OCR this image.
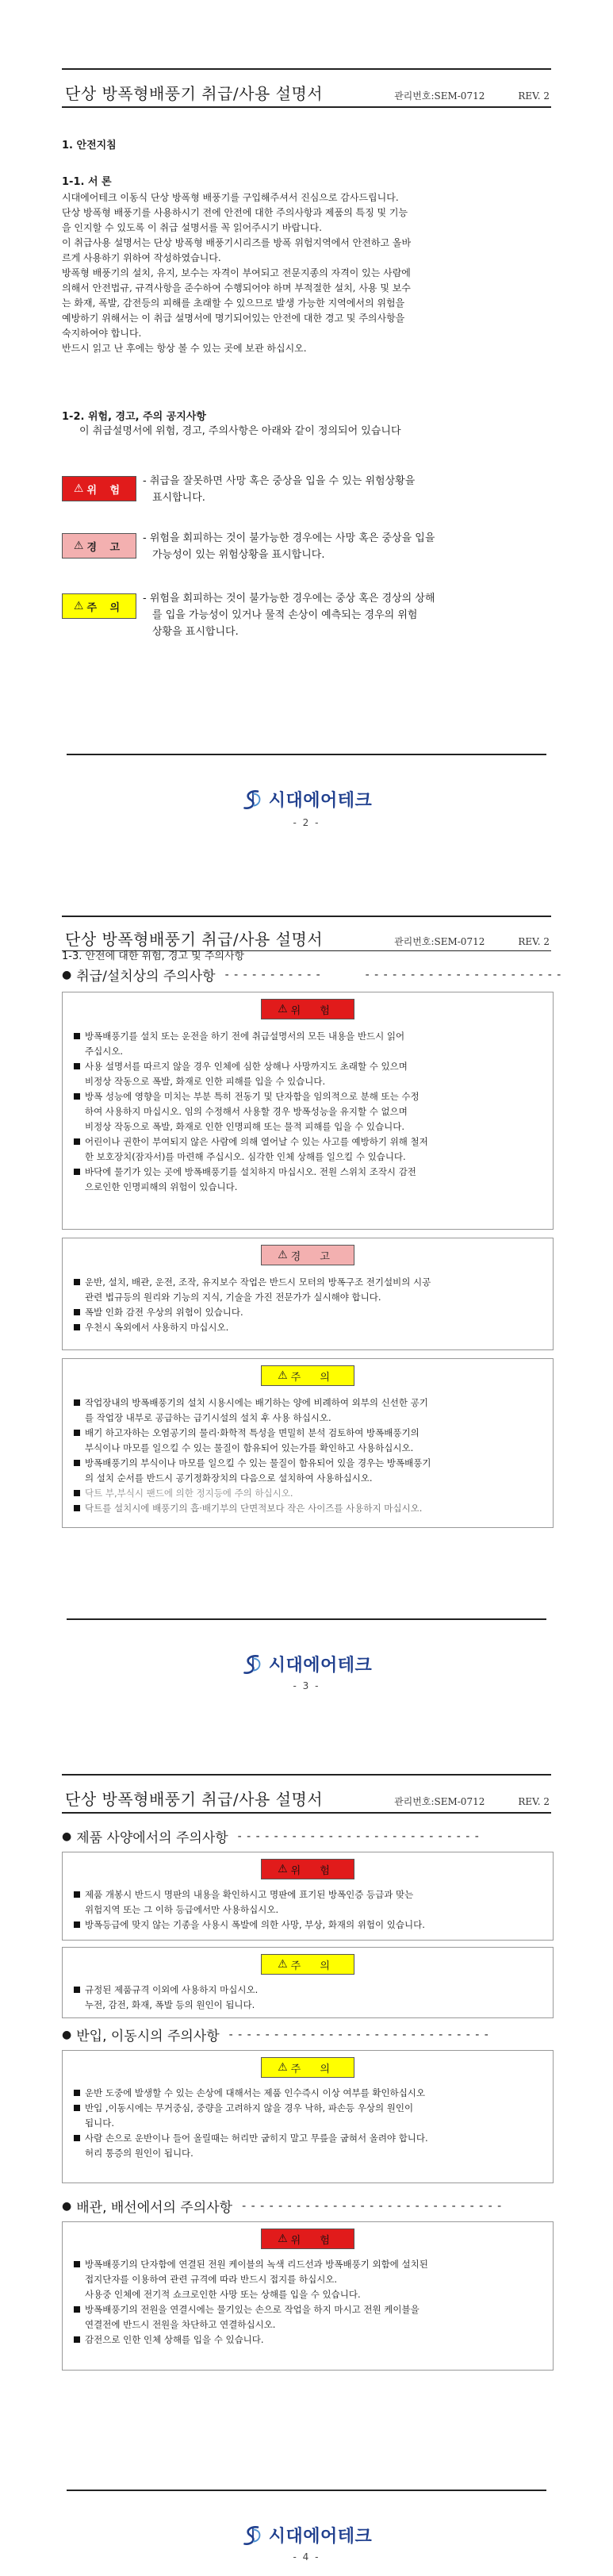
단상 방폭형배풍기 취급/사용 설명서	관리번호:SEM-0712	REV. 2
1. 안전지침
1-1. 서 론
시대에어테크 이동식 단상 방폭형 배풍기를 구입해주셔서 진심으로 감사드립니다.
단상 방폭형 배풍기를 사용하시기 전에 안전에 대한 주의사항과 제품의 특징 및 기능
을 인지할 수 있도록 이 취급 설명서를 꼭 읽어주시기 바랍니다.
이 취급사용 설명서는 단상 방폭형 배풍기시리즈를 방폭 위험지역에서 안전하고 올바
르게 사용하기 위하여 작성하였습니다.
방폭형 배풍기의 설치, 유지, 보수는 자격이 부여되고 전문지종의 자격이 있는 사람에
의해서 안전법규, 규격사항을 준수하여 수행되어야 하며 부적절한 설치, 사용 및 보수
는 화재, 폭발, 감전등의 피해를 초래할 수 있으므로 발생 가능한 지역에서의 위험을
예방하기 위해서는 이 취급 설명서에 명기되어있는 안전에 대한 경고 및 주의사항을
숙지하여야 합니다.
반드시 읽고 난 후에는 항상 볼 수 있는 곳에 보관 하십시오.
1-2. 위험, 경고, 주의 공지사항
이 취급설명서에 위험, 경고, 주의사항은 아래와 같이 정의되어 있습니다
⚠ 위 험
- 취급을 잘못하면 사망 혹은 중상을 입을 수 있는 위험상황을
표시합니다.
⚠ 경 고
- 위험을 회피하는 것이 불가능한 경우에는 사망 혹은 중상을 입을
가능성이 있는 위험상황을 표시합니다.
⚠ 주 의
- 위험을 회피하는 것이 불가능한 경우에는 중상 혹은 경상의 상해
를 입을 가능성이 있거나 물적 손상이 예측되는 경우의 위험
상황을 표시합니다.
시대에어테크
- 2 -
단상 방폭형배풍기 취급/사용 설명서	관리번호:SEM-0712	REV. 2
1-3. 안전에 대한 위험, 경고 및 주의사항
● 취급/설치상의 주의사항 - - - - - - - - - - -	- - - - - - - - - - - - - - - - - - - - - -
⚠ 위 험
방폭배풍기를 설치 또는 운전을 하기 전에 취급설명서의 모든 내용을 반드시 읽어
주십시오.
사용 설명서를 따르지 않을 경우 인체에 심한 상해나 사망까지도 초래할 수 있으며
비정상 작동으로 폭발, 화재로 인한 피해를 입을 수 있습니다.
방폭 성능에 영향을 미치는 부분 특히 전동기 및 단자함을 임의적으로 분해 또는 수정
하여 사용하지 마십시오. 임의 수정해서 사용할 경우 방폭성능을 유지할 수 없으며
비정상 작동으로 폭발, 화재로 인한 인명피해 또는 물적 피해를 입을 수 있습니다.
어린이나 권한이 부여되지 않은 사람에 의해 열어날 수 있는 사고를 예방하기 위해 철저
한 보호장치(잠자서)를 마련해 주십시오. 심각한 인체 상해를 일으킬 수 있습니다.
바닥에 물기가 있는 곳에 방폭배풍기를 설치하지 마십시오. 전원 스위치 조작시 감전
으로인한 인명피해의 위험이 있습니다.
⚠ 경 고
운반, 설치, 배관, 운전, 조작, 유지보수 작업은 반드시 모터의 방폭구조 전기설비의 시공
관련 법규등의 원리와 기능의 지식, 기술을 가진 전문가가 실시해야 합니다.
폭발 인화 감전 우상의 위험이 있습니다.
우천시 옥외에서 사용하지 마십시오.
⚠ 주 의
작업장내의 방폭배풍기의 설치 시용시에는 배기하는 양에 비례하여 외부의 신선한 공기
를 작업장 내부로 공급하는 급기시설의 설치 후 사용 하십시오.
배기 하고자하는 오염공기의 물리·화학적 특성을 면밀히 분석 검토하여 방폭배풍기의
부식이나 마모를 일으킬 수 있는 물질이 함유되어 있는가를 확인하고 사용하십시오.
방폭배풍기의 부식이나 마모를 일으킬 수 있는 물질이 함유되어 있을 경우는 방폭배풍기
의 설치 순서를 반드시 공기정화장치의 다음으로 설치하여 사용하십시오.
닥트 부,부식시 팬드에 의한 정지등에 주의 하십시오.
닥트를 설치시에 배풍기의 흡·배기부의 단면적보다 작은 사이즈를 사용하지 마십시오.
시대에어테크
- 3 -
단상 방폭형배풍기 취급/사용 설명서	관리번호:SEM-0712	REV. 2
● 제품 사양에서의 주의사항 - - - - - - - - - - - - - - - - - - - - - - - - - - -
⚠ 위 험
제품 개봉시 반드시 명판의 내용을 확인하시고 명판에 표기된 방폭인증 등급과 맞는
위험지역 또는 그 이하 등급에서만 사용하십시오.
방폭등급에 맞지 않는 기종을 사용시 폭발에 의한 사망, 부상, 화재의 위험이 있습니다.
⚠ 주 의
규정된 제품규격 이외에 사용하지 마십시오.
누전, 감전, 화재, 폭발 등의 원인이 됩니다.
● 반입, 이동시의 주의사항 - - - - - - - - - - - - - - - - - - - - - - - - - - - - -
⚠ 주 의
운반 도중에 발생할 수 있는 손상에 대해서는 제품 인수즉시 이상 여부를 확인하십시오
반입 ,이동시에는 무거중심, 중량을 고려하지 않을 경우 낙하, 파손등 우상의 원인이
됩니다.
사람 손으로 운반이나 들어 올릴때는 허리만 굽히지 말고 무릎을 굽혀서 올려야 합니다.
허리 통증의 원인이 됩니다.
● 배관, 배선에서의 주의사항 - - - - - - - - - - - - - - - - - - - - - - - - - - - - -
⚠ 위 험
방폭배풍기의 단자함에 연결된 전원 케이블의 녹색 리드선과 방폭배풍기 외함에 설치된
접지단자를 이용하여 관련 규격에 따라 반드시 접지를 하십시오.
사용중 인체에 전기적 쇼크로인한 사망 또는 상해를 입을 수 있습니다.
방폭배풍기의 전원을 연결시에는 물기있는 손으로 작업을 하지 마시고 전원 케이블을
연결전에 반드시 전원을 차단하고 연결하십시오.
감전으로 인한 인체 상해를 입을 수 있습니다.
시대에어테크
- 4 -
